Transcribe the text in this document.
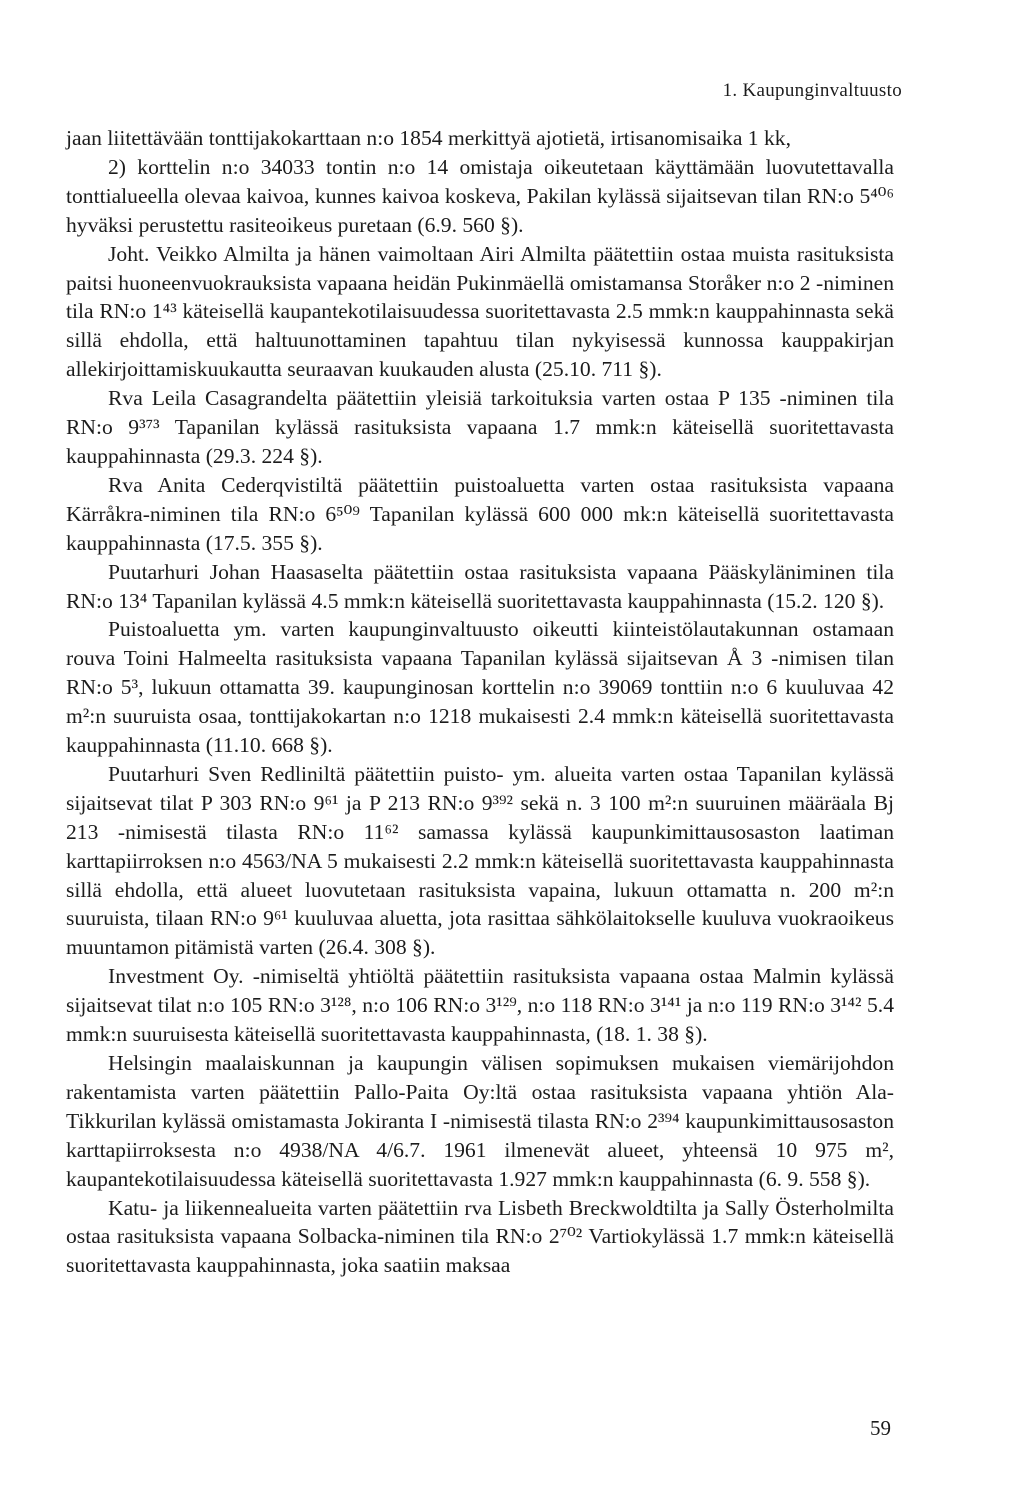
1. Kaupunginvaltuusto

jaan liitettävään tonttijakokarttaan n:o 1854 merkittyä ajotietä, irtisanomisaika 1 kk,

2) korttelin n:o 34033 tontin n:o 14 omistaja oikeutetaan käyttämään luovutettavalla tonttialueella olevaa kaivoa, kunnes kaivoa koskeva, Pakilan kylässä sijaitsevan tilan RN:o 5⁴⁰⁶ hyväksi perustettu rasiteoikeus puretaan (6.9. 560 §).

Joht. Veikko Almilta ja hänen vaimoltaan Airi Almilta päätettiin ostaa muista rasituksista paitsi huoneenvuokrauksista vapaana heidän Pukinmäellä omistamansa Storåker n:o 2 -niminen tila RN:o 1⁴³ käteisellä kaupantekotilaisuudessa suoritettavasta 2.5 mmk:n kauppahinnasta sekä sillä ehdolla, että haltuunottaminen tapahtuu tilan nykyisessä kunnossa kauppakirjan allekirjoittamiskuukautta seuraavan kuukauden alusta (25.10. 711 §).

Rva Leila Casagrandelta päätettiin yleisiä tarkoituksia varten ostaa P 135 -niminen tila RN:o 9³⁷³ Tapanilan kylässä rasituksista vapaana 1.7 mmk:n käteisellä suoritettavasta kauppahinnasta (29.3. 224 §).

Rva Anita Cederqvistiltä päätettiin puistoaluetta varten ostaa rasituksista vapaana Kärråkra-niminen tila RN:o 6⁵⁰⁹ Tapanilan kylässä 600 000 mk:n käteisellä suoritettavasta kauppahinnasta (17.5. 355 §).

Puutarhuri Johan Haasaselta päätettiin ostaa rasituksista vapaana Pääskyläniminen tila RN:o 13⁴ Tapanilan kylässä 4.5 mmk:n käteisellä suoritettavasta kauppahinnasta (15.2. 120 §).

Puistoaluetta ym. varten kaupunginvaltuusto oikeutti kiinteistölautakunnan ostamaan rouva Toini Halmeelta rasituksista vapaana Tapanilan kylässä sijaitsevan Å 3 -nimisen tilan RN:o 5³, lukuun ottamatta 39. kaupunginosan korttelin n:o 39069 tonttiin n:o 6 kuuluvaa 42 m²:n suuruista osaa, tonttijakokartan n:o 1218 mukaisesti 2.4 mmk:n käteisellä suoritettavasta kauppahinnasta (11.10. 668 §).

Puutarhuri Sven Redliniltä päätettiin puisto- ym. alueita varten ostaa Tapanilan kylässä sijaitsevat tilat P 303 RN:o 9⁶¹ ja P 213 RN:o 9³⁹² sekä n. 3 100 m²:n suuruinen määräala Bj 213 -nimisestä tilasta RN:o 11⁶² samassa kylässä kaupunkimittausosaston laatiman karttapiirroksen n:o 4563/NA 5 mukaisesti 2.2 mmk:n käteisellä suoritettavasta kauppahinnasta sillä ehdolla, että alueet luovutetaan rasituksista vapaina, lukuun ottamatta n. 200 m²:n suuruista, tilaan RN:o 9⁶¹ kuuluvaa aluetta, jota rasittaa sähkölaitokselle kuuluva vuokraoikeus muuntamon pitämistä varten (26.4. 308 §).

Investment Oy. -nimiseltä yhtiöltä päätettiin rasituksista vapaana ostaa Malmin kylässä sijaitsevat tilat n:o 105 RN:o 3¹²⁸, n:o 106 RN:o 3¹²⁹, n:o 118 RN:o 3¹⁴¹ ja n:o 119 RN:o 3¹⁴² 5.4 mmk:n suuruisesta käteisellä suoritettavasta kauppahinnasta, (18. 1. 38 §).

Helsingin maalaiskunnan ja kaupungin välisen sopimuksen mukaisen viemärijohdon rakentamista varten päätettiin Pallo-Paita Oy:ltä ostaa rasituksista vapaana yhtiön Ala-Tikkurilan kylässä omistamasta Jokiranta I -nimisestä tilasta RN:o 2³⁹⁴ kaupunkimittausosaston karttapiirroksesta n:o 4938/NA 4/6.7. 1961 ilmenevät alueet, yhteensä 10 975 m², kaupantekotilaisuudessa käteisellä suoritettavasta 1.927 mmk:n kauppahinnasta (6. 9. 558 §).

Katu- ja liikennealueita varten päätettiin rva Lisbeth Breckwoldtilta ja Sally Österholmilta ostaa rasituksista vapaana Solbacka-niminen tila RN:o 2⁷⁰² Vartiokylässä 1.7 mmk:n käteisellä suoritettavasta kauppahinnasta, joka saatiin maksaa

59
